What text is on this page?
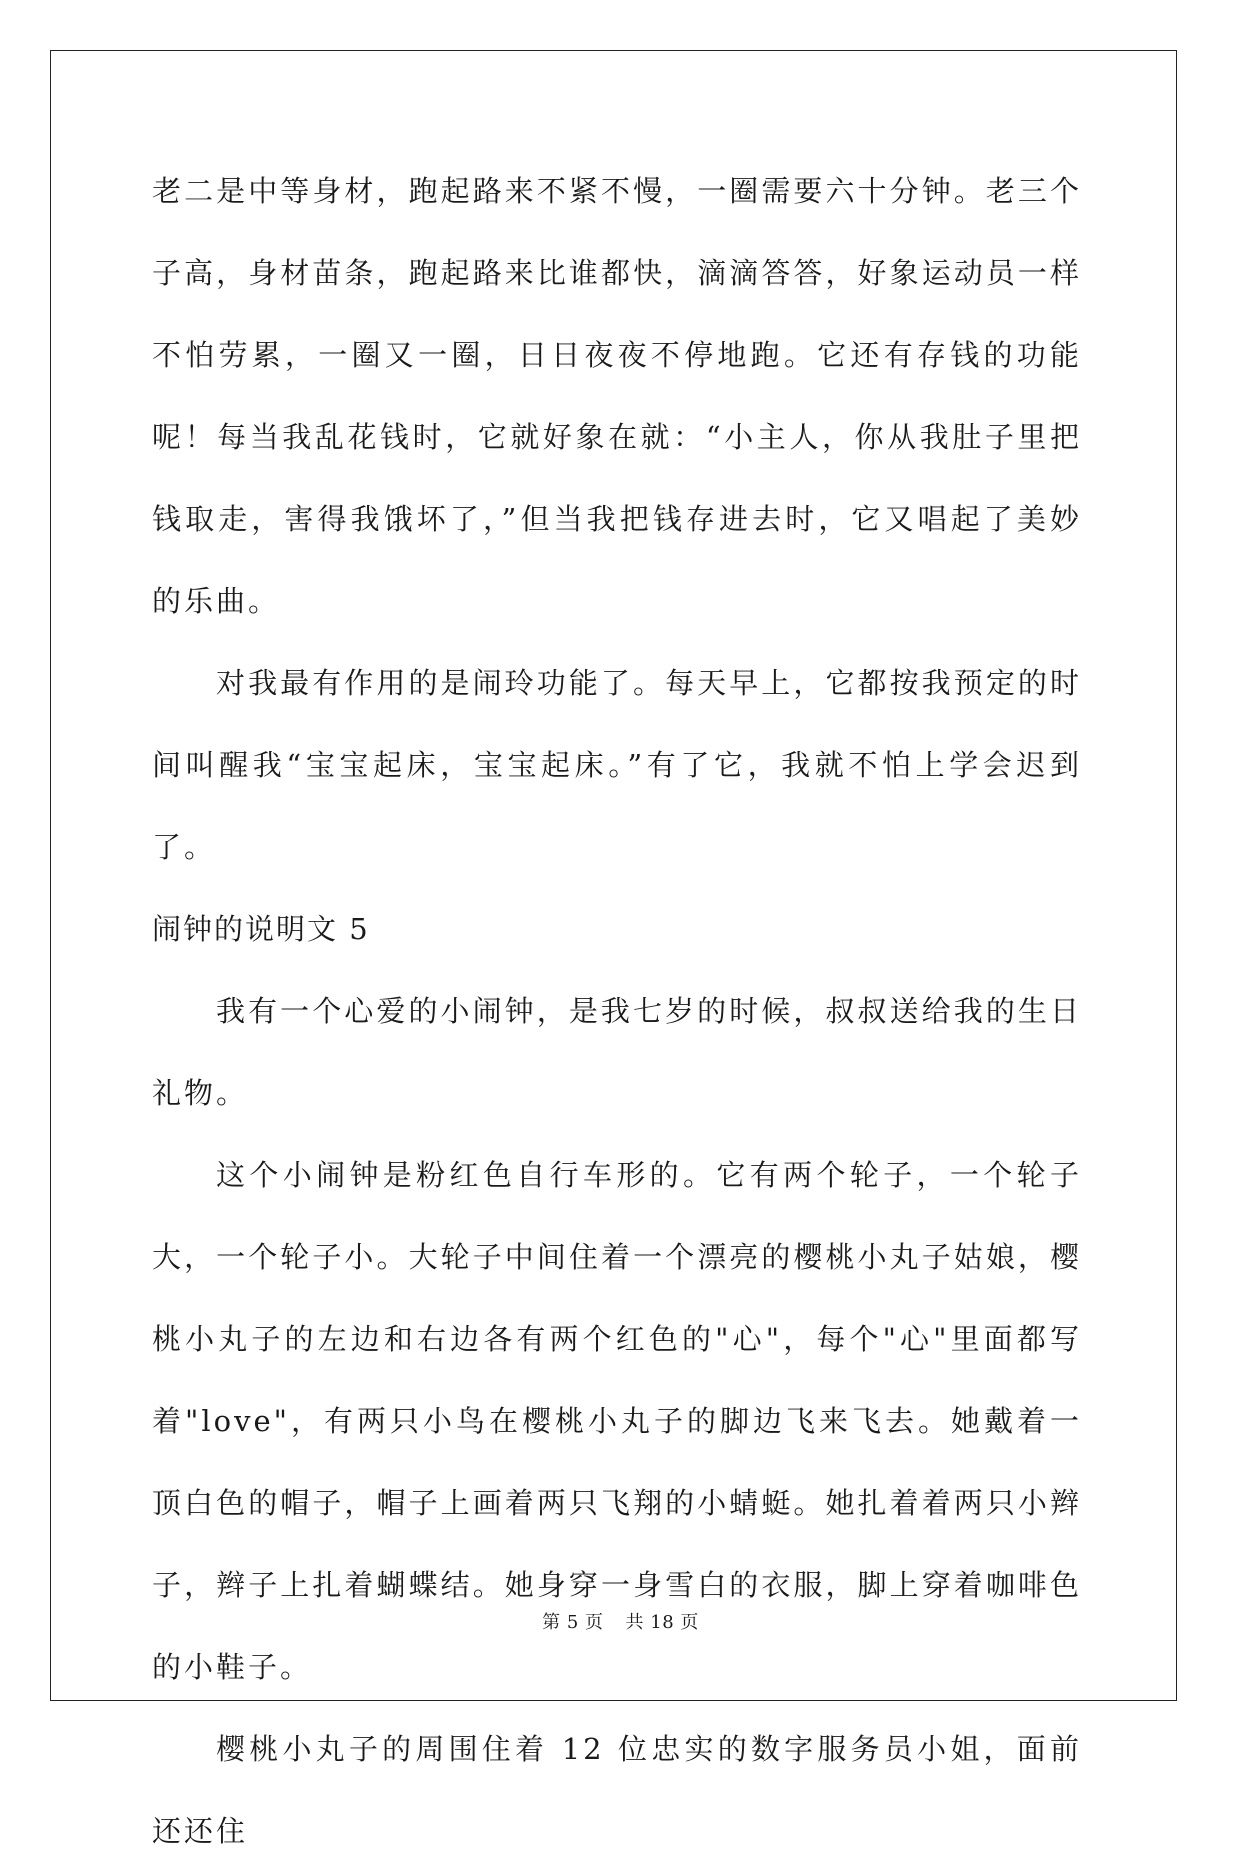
老二是中等身材，跑起路来不紧不慢，一圈需要六十分钟。老三个子高，身材苗条，跑起路来比谁都快，滴滴答答，好象运动员一样不怕劳累，一圈又一圈，日日夜夜不停地跑。它还有存钱的功能呢！每当我乱花钱时，它就好象在就：“小主人，你从我肚子里把钱取走，害得我饿坏了，”但当我把钱存进去时，它又唱起了美妙的乐曲。

对我最有作用的是闹玲功能了。每天早上，它都按我预定的时间叫醒我“宝宝起床，宝宝起床。”有了它，我就不怕上学会迟到了。

闹钟的说明文 5

我有一个心爱的小闹钟，是我七岁的时候，叔叔送给我的生日礼物。

这个小闹钟是粉红色自行车形的。它有两个轮子，一个轮子大，一个轮子小。大轮子中间住着一个漂亮的樱桃小丸子姑娘，樱桃小丸子的左边和右边各有两个红色的"心"，每个"心"里面都写着"love"，有两只小鸟在樱桃小丸子的脚边飞来飞去。她戴着一顶白色的帽子，帽子上画着两只飞翔的小蜻蜓。她扎着着两只小辫子，辫子上扎着蝴蝶结。她身穿一身雪白的衣服，脚上穿着咖啡色的小鞋子。

樱桃小丸子的周围住着 12 位忠实的数字服务员小姐，面前还还住

第 5 页 共 18 页
